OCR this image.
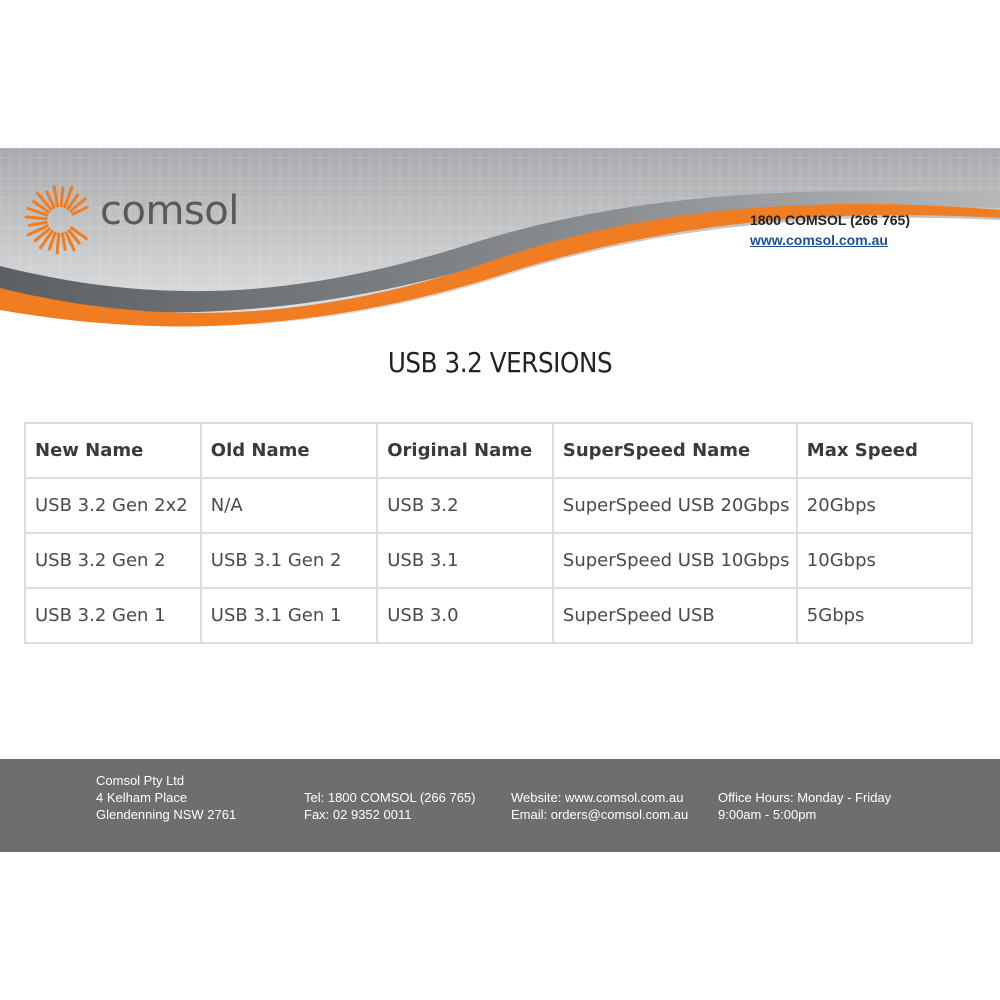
comsol	1800 COMSOL (266 765)
www.comsol.com.au
USB 3.2 VERSIONS
New Name	Old Name	Original Name	SuperSpeed Name	Max Speed
USB 3.2 Gen 2x2	N/A	USB 3.2	SuperSpeed USB 20Gbps	20Gbps
USB 3.2 Gen 2	USB 3.1 Gen 2	USB 3.1	SuperSpeed USB 10Gbps	10Gbps
USB 3.2 Gen 1	USB 3.1 Gen 1	USB 3.0	SuperSpeed USB	5Gbps
Comsol Pty Ltd
4 Kelham Place
Glendenning NSW 2761
Tel: 1800 COMSOL (266 765)
Fax: 02 9352 0011
Website: www.comsol.com.au
Email: orders@comsol.com.au
Office Hours: Monday - Friday
9:00am - 5:00pm
